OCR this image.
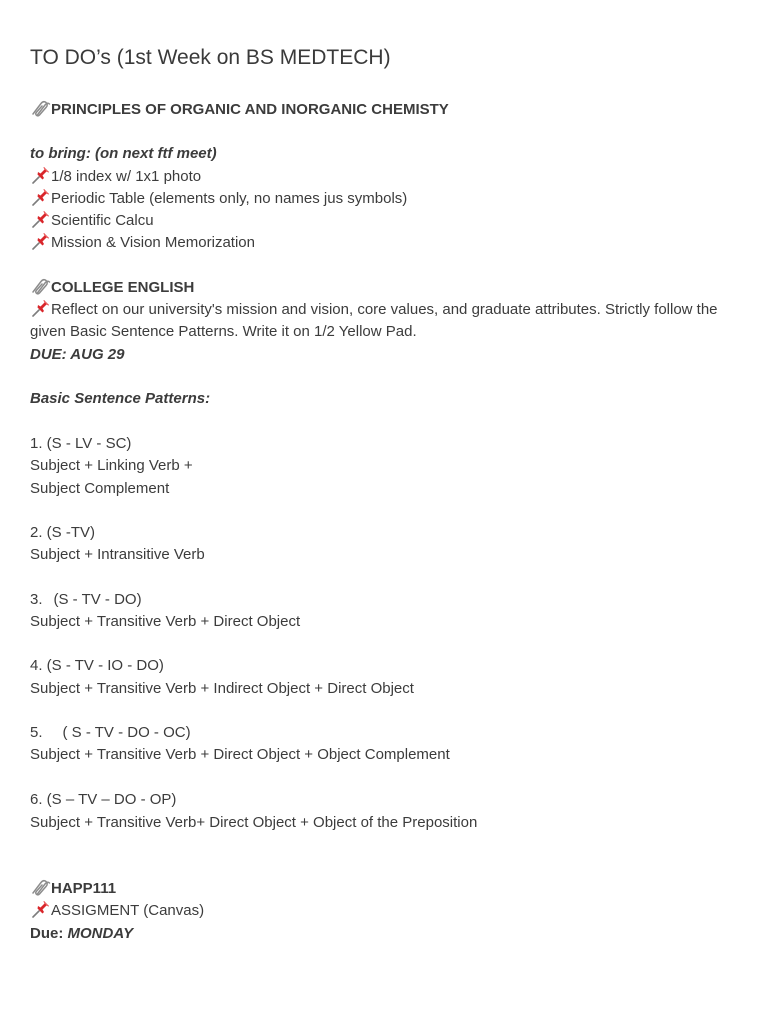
TO DO’s (1st Week on BS MEDTECH)
PRINCIPLES OF ORGANIC AND INORGANIC CHEMISTY
to bring: (on next ftf meet)
1/8 index w/ 1x1 photo
Periodic Table (elements only, no names jus symbols)
Scientific Calcu
Mission & Vision Memorization
COLLEGE ENGLISH
Reflect on our university's mission and vision, core values, and graduate attributes. Strictly follow the given Basic Sentence Patterns. Write it on 1/2 Yellow Pad.
DUE: AUG 29
Basic Sentence Patterns:
1. (S - LV - SC)
Subject + Linking Verb +
Subject Complement
2. (S -TV)
Subject + Intransitive Verb
3. (S - TV - DO)
Subject + Transitive Verb + Direct Object
4. (S - TV - IO - DO)
Subject + Transitive Verb + Indirect Object + Direct Object
5. ( S - TV - DO - OC)
Subject + Transitive Verb + Direct Object + Object Complement
6. (S – TV – DO - OP)
Subject + Transitive Verb+ Direct Object + Object of the Preposition
HAPP111
ASSIGMENT (Canvas)
Due: MONDAY
